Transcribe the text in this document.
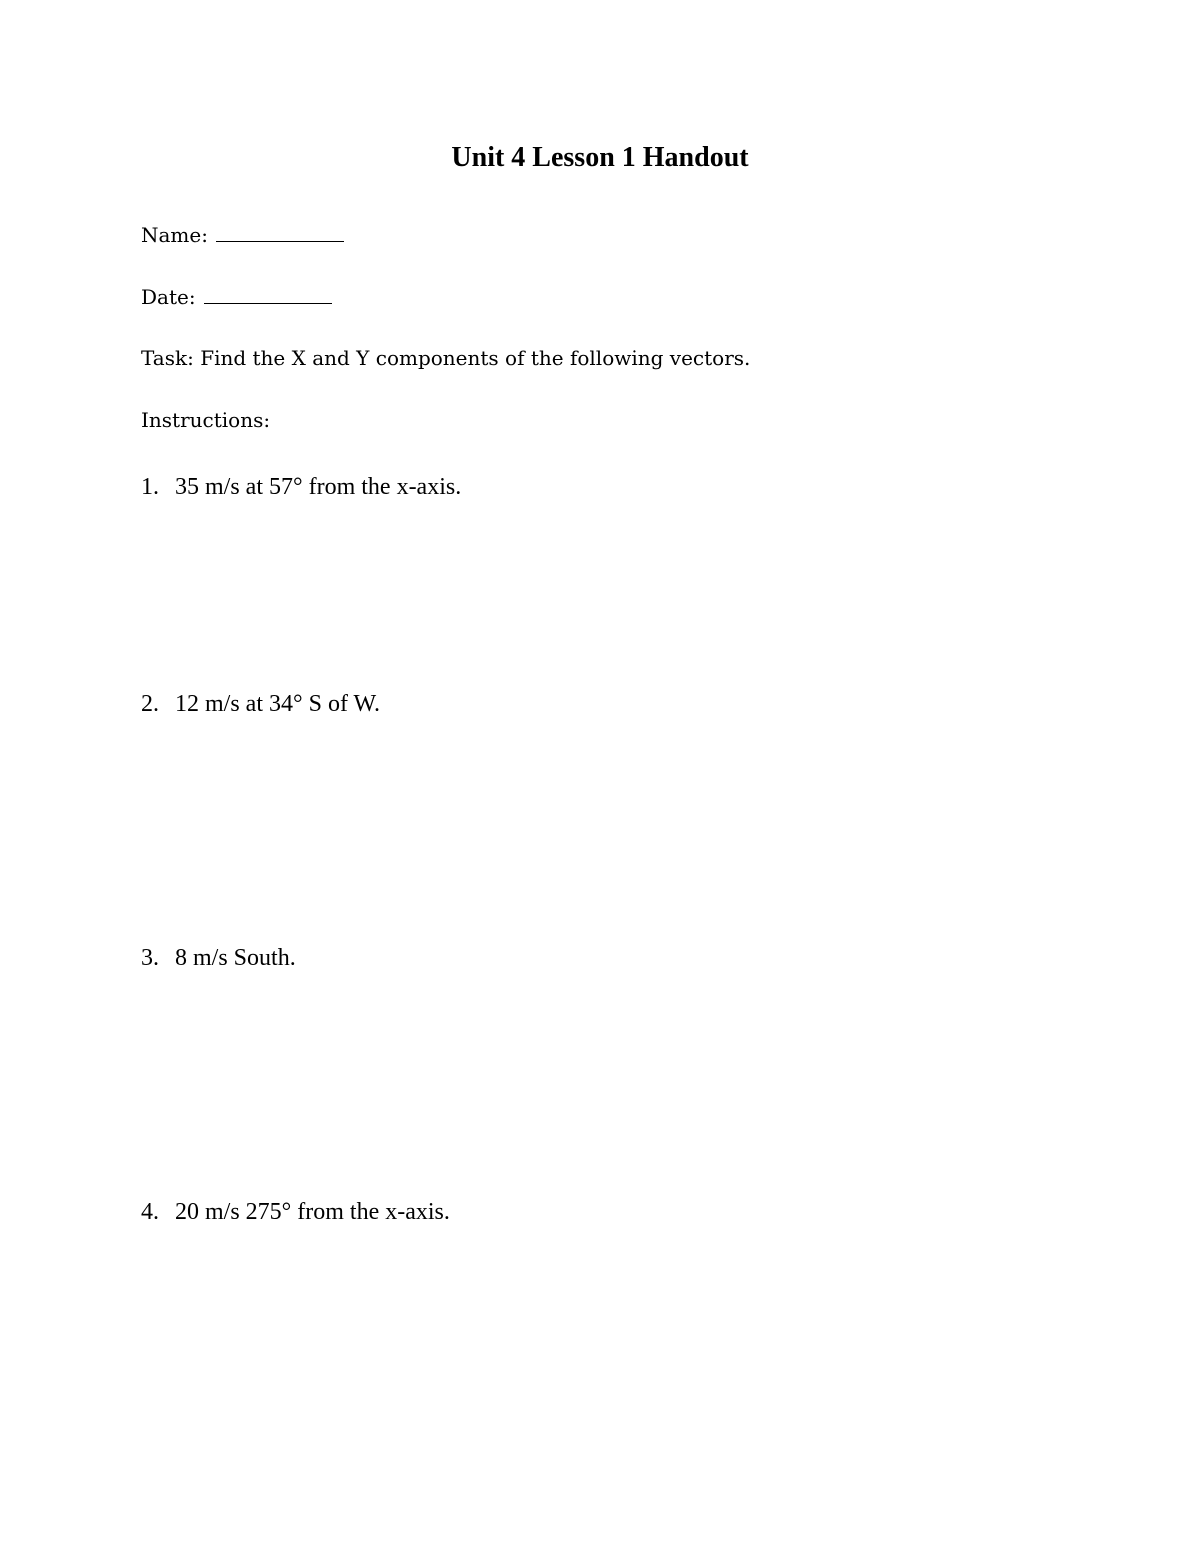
Unit 4 Lesson 1 Handout
Name:
Date:
Task: Find the X and Y components of the following vectors.
Instructions:
1. 35 m/s at 57° from the x-axis.
2. 12 m/s at 34° S of W.
3. 8 m/s South.
4. 20 m/s 275° from the x-axis.
